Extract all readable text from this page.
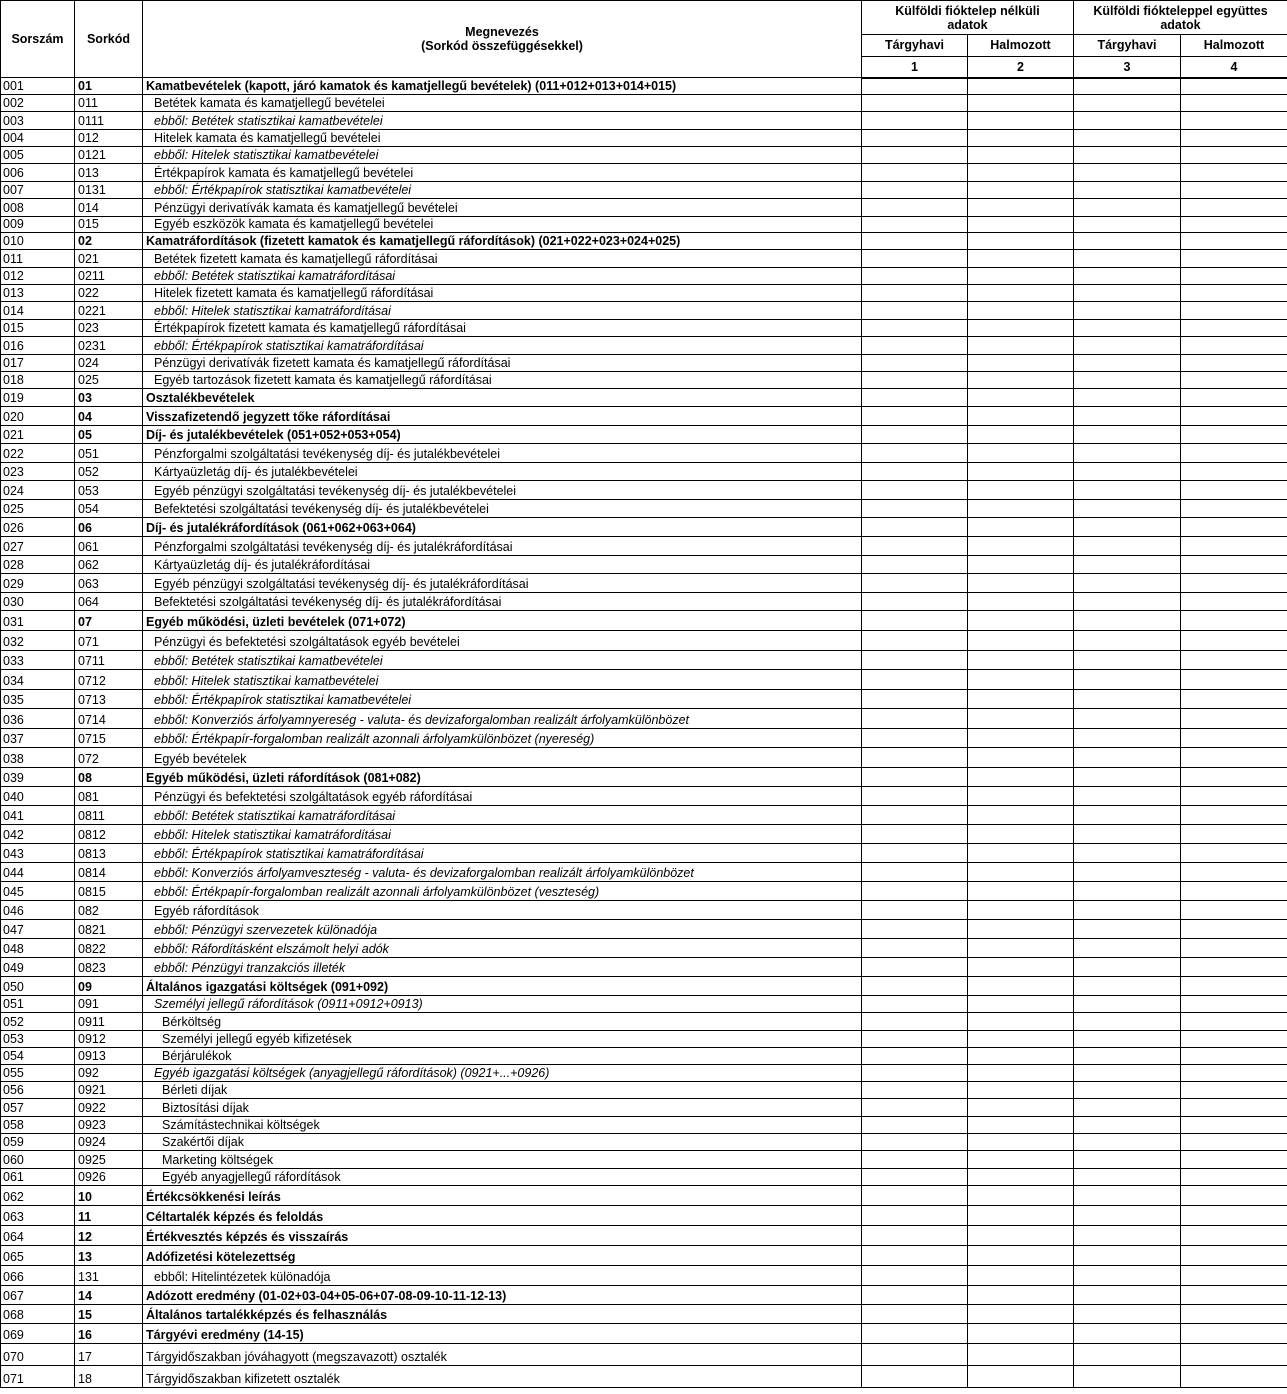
Sorszám	Sorkód	Megnevezés
(Sorkód összefüggésekkel)	Külföldi fióktelep nélküli adatok		Külföldi fiókteleppel együttes adatok	
			Tárgyhavi	Halmozott	Tárgyhavi	Halmozott
			1	2	3	4
001	01	Kamatbevételek (kapott, járó kamatok és kamatjellegű bevételek) (011+012+013+014+015)				
002	011	Betétek kamata és kamatjellegű bevételei				
003	0111	ebből: Betétek statisztikai kamatbevételei				
004	012	Hitelek kamata és kamatjellegű bevételei				
005	0121	ebből: Hitelek statisztikai kamatbevételei				
006	013	Értékpapírok kamata és kamatjellegű bevételei				
007	0131	ebből: Értékpapírok statisztikai kamatbevételei				
008	014	Pénzügyi derivatívák kamata és kamatjellegű bevételei				
009	015	Egyéb eszközök kamata és kamatjellegű bevételei				
010	02	Kamatráfordítások (fizetett kamatok és kamatjellegű ráfordítások) (021+022+023+024+025)				
011	021	Betétek fizetett kamata és kamatjellegű ráfordításai				
012	0211	ebből: Betétek statisztikai kamatráfordításai				
013	022	Hitelek fizetett kamata és kamatjellegű ráfordításai				
014	0221	ebből: Hitelek statisztikai kamatráfordításai				
015	023	Értékpapírok fizetett kamata és kamatjellegű ráfordításai				
016	0231	ebből: Értékpapírok statisztikai kamatráfordításai				
017	024	Pénzügyi derivatívák fizetett kamata és kamatjellegű ráfordításai				
018	025	Egyéb tartozások fizetett kamata és kamatjellegű ráfordításai				
019	03	Osztalékbevételek				
020	04	Visszafizetendő jegyzett tőke ráfordításai				
021	05	Díj- és jutalékbevételek (051+052+053+054)				
022	051	Pénzforgalmi szolgáltatási tevékenység díj- és jutalékbevételei				
023	052	Kártyaüzletág díj- és jutalékbevételei				
024	053	Egyéb pénzügyi szolgáltatási tevékenység díj- és jutalékbevételei				
025	054	Befektetési szolgáltatási tevékenység díj- és jutalékbevételei				
026	06	Díj- és jutalékráfordítások (061+062+063+064)				
027	061	Pénzforgalmi szolgáltatási tevékenység díj- és jutalékráfordításai				
028	062	Kártyaüzletág díj- és jutalékráfordításai				
029	063	Egyéb pénzügyi szolgáltatási tevékenység díj- és jutalékráfordításai				
030	064	Befektetési szolgáltatási tevékenység díj- és jutalékráfordításai				
031	07	Egyéb működési, üzleti bevételek (071+072)				
032	071	Pénzügyi és befektetési szolgáltatások egyéb bevételei				
033	0711	ebből: Betétek statisztikai kamatbevételei				
034	0712	ebből: Hitelek statisztikai kamatbevételei				
035	0713	ebből: Értékpapírok statisztikai kamatbevételei				
036	0714	ebből: Konverziós árfolyamnyereség - valuta- és devizaforgalomban realizált árfolyamkülönbözet				
037	0715	ebből: Értékpapír-forgalomban realizált azonnali árfolyamkülönbözet (nyereség)				
038	072	Egyéb bevételek				
039	08	Egyéb működési, üzleti ráfordítások (081+082)				
040	081	Pénzügyi és befektetési szolgáltatások egyéb ráfordításai				
041	0811	ebből: Betétek statisztikai kamatráfordításai				
042	0812	ebből: Hitelek statisztikai kamatráfordításai				
043	0813	ebből: Értékpapírok statisztikai kamatráfordításai				
044	0814	ebből: Konverziós árfolyamveszteség - valuta- és devizaforgalomban realizált árfolyamkülönbözet				
045	0815	ebből: Értékpapír-forgalomban realizált azonnali árfolyamkülönbözet (veszteség)				
046	082	Egyéb ráfordítások				
047	0821	ebből: Pénzügyi szervezetek különadója				
048	0822	ebből: Ráfordításként elszámolt helyi adók				
049	0823	ebből: Pénzügyi tranzakciós illeték				
050	09	Általános igazgatási költségek (091+092)				
051	091	Személyi jellegű ráfordítások (0911+0912+0913)				
052	0911	Bérköltség				
053	0912	Személyi jellegű egyéb kifizetések				
054	0913	Bérjárulékok				
055	092	Egyéb igazgatási költségek (anyagjellegű ráfordítások) (0921+...+0926)				
056	0921	Bérleti díjak				
057	0922	Biztosítási díjak				
058	0923	Számítástechnikai költségek				
059	0924	Szakértői díjak				
060	0925	Marketing költségek				
061	0926	Egyéb anyagjellegű ráfordítások				
062	10	Értékcsökkenési leírás				
063	11	Céltartalék képzés és feloldás				
064	12	Értékvesztés képzés és visszaírás				
065	13	Adófizetési kötelezettség				
066	131	ebből: Hitelintézetek különadója				
067	14	Adózott eredmény (01-02+03-04+05-06+07-08-09-10-11-12-13)				
068	15	Általános tartalékképzés és felhasználás				
069	16	Tárgyévi eredmény (14-15)				
070	17	Tárgyidőszakban jóváhagyott (megszavazott) osztalék				
071	18	Tárgyidőszakban kifizetett osztalék				
